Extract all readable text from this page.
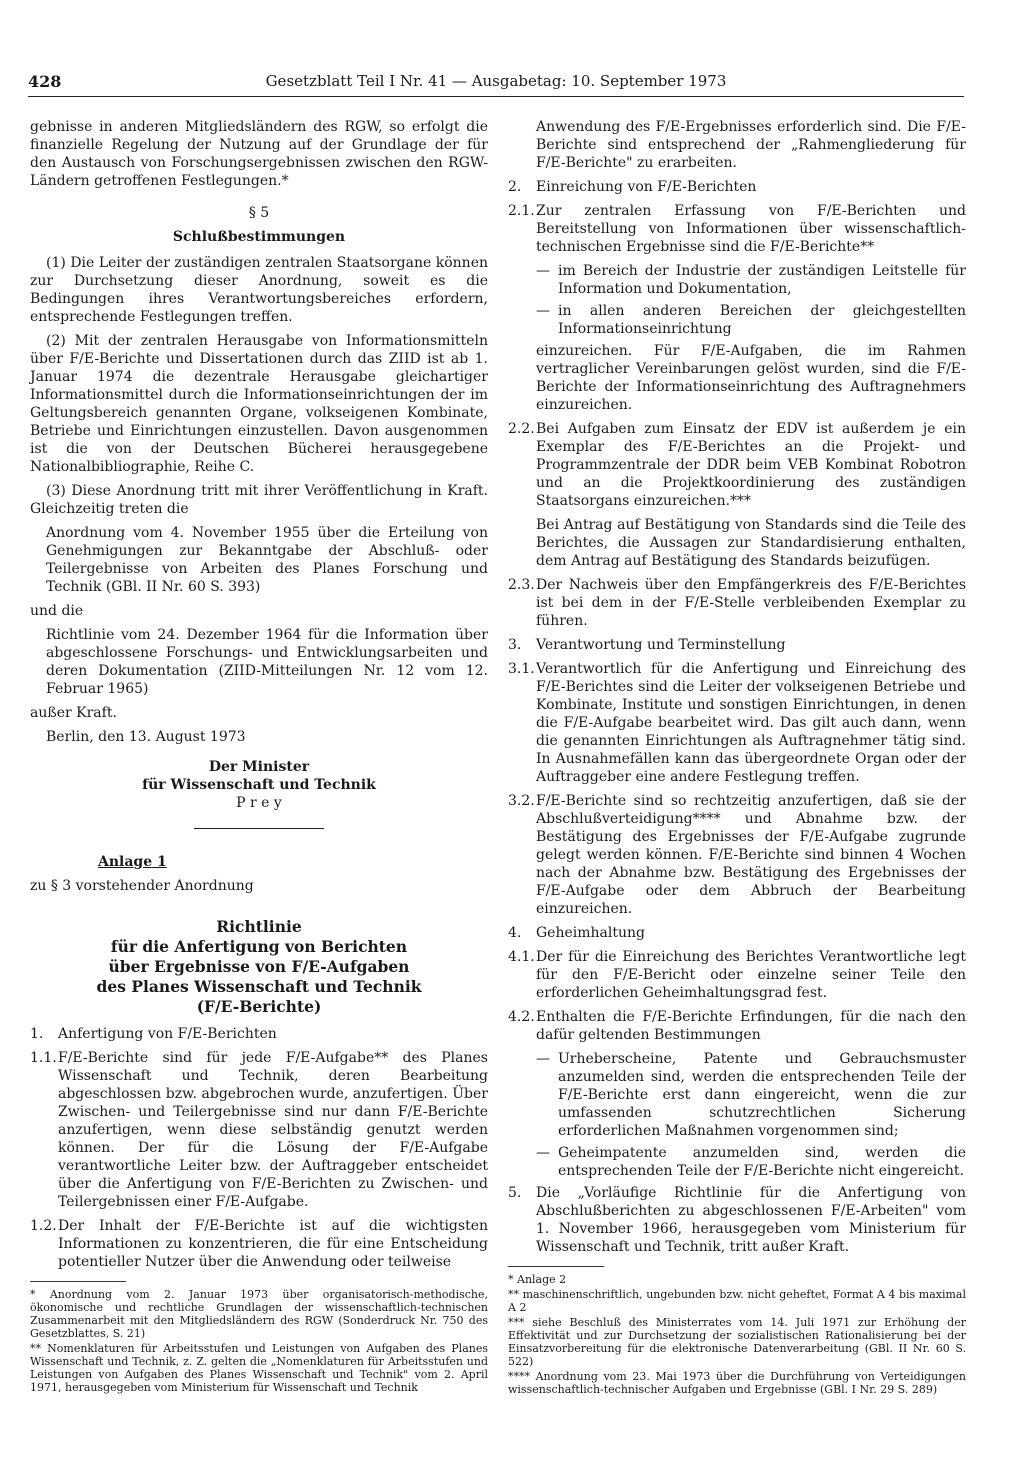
428	Gesetzblatt Teil I Nr. 41 — Ausgabetag: 10. September 1973

gebnisse in anderen Mitgliedsländern des RGW, so erfolgt die finanzielle Regelung der Nutzung auf der Grundlage der für den Austausch von Forschungsergebnissen zwischen den RGW-Ländern getroffenen Festlegungen.*

§ 5

Schlußbestimmungen

(1) Die Leiter der zuständigen zentralen Staatsorgane können zur Durchsetzung dieser Anordnung, soweit es die Bedingungen ihres Verantwortungsbereiches erfordern, entsprechende Festlegungen treffen.

(2) Mit der zentralen Herausgabe von Informationsmitteln über F/E-Berichte und Dissertationen durch das ZIID ist ab 1. Januar 1974 die dezentrale Herausgabe gleichartiger Informationsmittel durch die Informationseinrichtungen der im Geltungsbereich genannten Organe, volkseigenen Kombinate, Betriebe und Einrichtungen einzustellen. Davon ausgenommen ist die von der Deutschen Bücherei herausgegebene Nationalbibliographie, Reihe C.

(3) Diese Anordnung tritt mit ihrer Veröffentlichung in Kraft. Gleichzeitig treten die

Anordnung vom 4. November 1955 über die Erteilung von Genehmigungen zur Bekanntgabe der Abschluß- oder Teilergebnisse von Arbeiten des Planes Forschung und Technik (GBl. II Nr. 60 S. 393)

und die

Richtlinie vom 24. Dezember 1964 für die Information über abgeschlossene Forschungs- und Entwicklungsarbeiten und deren Dokumentation (ZIID-Mitteilungen Nr. 12 vom 12. Februar 1965)

außer Kraft.

Berlin, den 13. August 1973

Der Minister

für Wissenschaft und Technik

P r e y

Anlage 1

zu § 3 vorstehender Anordnung

Richtlinie
für die Anfertigung von Berichten
über Ergebnisse von F/E-Aufgaben
des Planes Wissenschaft und Technik
(F/E-Berichte)
1.	Anfertigung von F/E-Berichten
1.1. F/E-Berichte sind für jede F/E-Aufgabe** des Planes Wissenschaft und Technik, deren Bearbeitung abgeschlossen bzw. abgebrochen wurde, anzufertigen. Über Zwischen- und Teilergebnisse sind nur dann F/E-Berichte anzufertigen, wenn diese selbständig genutzt werden können. Der für die Lösung der F/E-Aufgabe verantwortliche Leiter bzw. der Auftraggeber entscheidet über die Anfertigung von F/E-Berichten zu Zwischen- und Teilergebnissen einer F/E-Aufgabe.
1.2. Der Inhalt der F/E-Berichte ist auf die wichtigsten Informationen zu konzentrieren, die für eine Entscheidung potentieller Nutzer über die Anwendung oder teilweise

* Anordnung vom 2. Januar 1973 über organisatorisch-methodische, ökonomische und rechtliche Grundlagen der wissenschaftlich-technischen Zusammenarbeit mit den Mitgliedsländern des RGW (Sonderdruck Nr. 750 des Gesetzblattes, S. 21)

** Nomenklaturen für Arbeitsstufen und Leistungen von Aufgaben des Planes Wissenschaft und Technik, z. Z. gelten die „Nomenklaturen für Arbeitsstufen und Leistungen von Aufgaben des Planes Wissenschaft und Technik" vom 2. April 1971, herausgegeben vom Ministerium für Wissenschaft und Technik

Anwendung des F/E-Ergebnisses erforderlich sind. Die F/E-Berichte sind entsprechend der „Rahmengliederung für F/E-Berichte" zu erarbeiten.

2.	Einreichung von F/E-Berichten
2.1. Zur zentralen Erfassung von F/E-Berichten und Bereitstellung von Informationen über wissenschaftlich-technischen Ergebnisse sind die F/E-Berichte**
— im Bereich der Industrie der zuständigen Leitstelle für Information und Dokumentation,
— in allen anderen Bereichen der gleichgestellten Informationseinrichtung

einzureichen. Für F/E-Aufgaben, die im Rahmen vertraglicher Vereinbarungen gelöst wurden, sind die F/E-Berichte der Informationseinrichtung des Auftragnehmers einzureichen.

2.2. Bei Aufgaben zum Einsatz der EDV ist außerdem je ein Exemplar des F/E-Berichtes an die Projekt- und Programmzentrale der DDR beim VEB Kombinat Robotron und an die Projektkoordinierung des zuständigen Staatsorgans einzureichen.***

Bei Antrag auf Bestätigung von Standards sind die Teile des Berichtes, die Aussagen zur Standardisierung enthalten, dem Antrag auf Bestätigung des Standards beizufügen.

2.3. Der Nachweis über den Empfängerkreis des F/E-Berichtes ist bei dem in der F/E-Stelle verbleibenden Exemplar zu führen.
3.	Verantwortung und Terminstellung
3.1. Verantwortlich für die Anfertigung und Einreichung des F/E-Berichtes sind die Leiter der volkseigenen Betriebe und Kombinate, Institute und sonstigen Einrichtungen, in denen die F/E-Aufgabe bearbeitet wird. Das gilt auch dann, wenn die genannten Einrichtungen als Auftragnehmer tätig sind. In Ausnahmefällen kann das übergeordnete Organ oder der Auftraggeber eine andere Festlegung treffen.
3.2. F/E-Berichte sind so rechtzeitig anzufertigen, daß sie der Abschlußverteidigung**** und Abnahme bzw. der Bestätigung des Ergebnisses der F/E-Aufgabe zugrunde gelegt werden können. F/E-Berichte sind binnen 4 Wochen nach der Abnahme bzw. Bestätigung des Ergebnisses der F/E-Aufgabe oder dem Abbruch der Bearbeitung einzureichen.
4.	Geheimhaltung
4.1. Der für die Einreichung des Berichtes Verantwortliche legt für den F/E-Bericht oder einzelne seiner Teile den erforderlichen Geheimhaltungsgrad fest.
4.2. Enthalten die F/E-Berichte Erfindungen, für die nach den dafür geltenden Bestimmungen
— Urheberscheine, Patente und Gebrauchsmuster anzumelden sind, werden die entsprechenden Teile der F/E-Berichte erst dann eingereicht, wenn die zur umfassenden schutzrechtlichen Sicherung erforderlichen Maßnahmen vorgenommen sind;
— Geheimpatente anzumelden sind, werden die entsprechenden Teile der F/E-Berichte nicht eingereicht.
5.	Die „Vorläufige Richtlinie für die Anfertigung von Abschlußberichten zu abgeschlossenen F/E-Arbeiten" vom 1. November 1966, herausgegeben vom Ministerium für Wissenschaft und Technik, tritt außer Kraft.

* Anlage 2

** maschinenschriftlich, ungebunden bzw. nicht geheftet, Format A 4 bis maximal A 2

*** siehe Beschluß des Ministerrates vom 14. Juli 1971 zur Erhöhung der Effektivität und zur Durchsetzung der sozialistischen Rationalisierung bei der Einsatzvorbereitung für die elektronische Datenverarbeitung (GBl. II Nr. 60 S. 522)

**** Anordnung vom 23. Mai 1973 über die Durchführung von Verteidigungen wissenschaftlich-technischer Aufgaben und Ergebnisse (GBl. I Nr. 29 S. 289)
